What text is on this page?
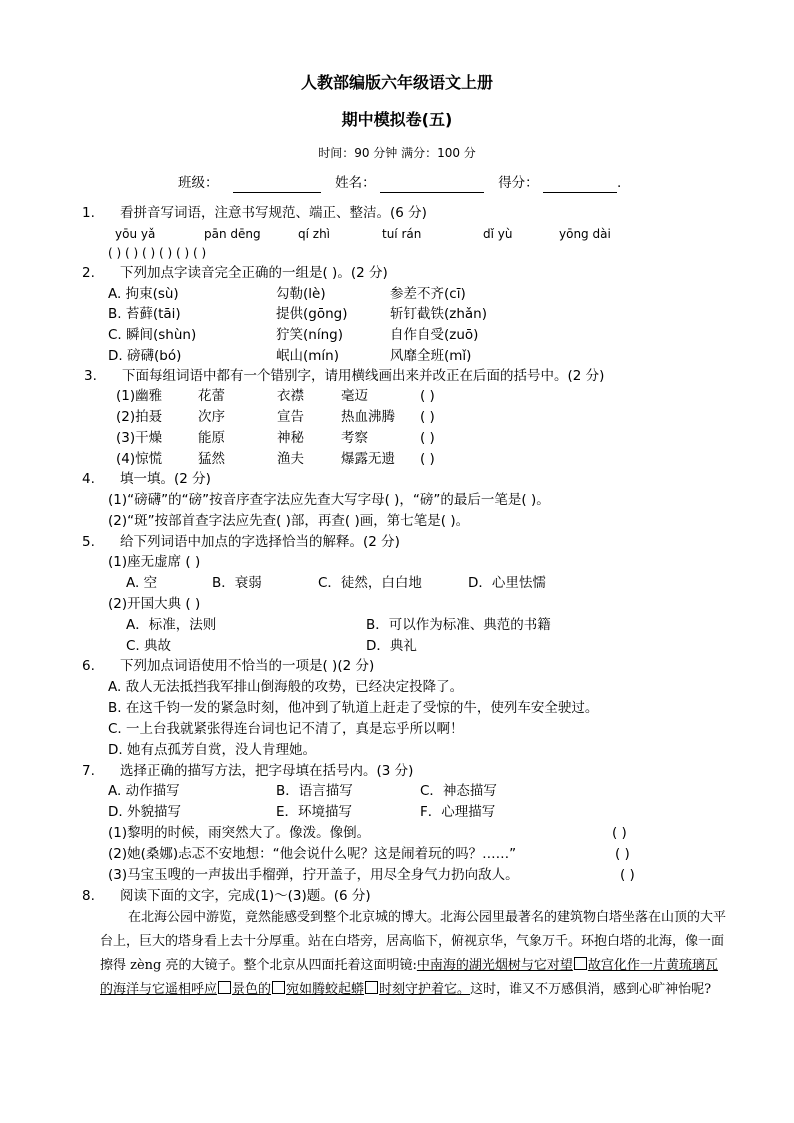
人教部编版六年级语文上册
期中模拟卷(五)
时间：90 分钟 满分：100 分
班级：	姓名：	得分：	.
1. 看拼音写词语，注意书写规范、端正、整洁。(6 分)
yōu yǎ	pān dēng	qí zhì	tuí rán	dǐ yù	yōng dài
( ) ( ) ( ) ( ) ( ) ( )
2. 下列加点字读音完全正确的一组是( )。(2 分)
A. 拘束(sù)	勾勒(lè)	参差不齐(cī)
B. 苔藓(tāi)	提供(gōng)	斩钉截铁(zhǎn)
C. 瞬间(shùn)	狞笑(níng)	自作自受(zuō)
D. 磅礴(bó)	岷山(mín)	风靡全班(mǐ)
3. 下面每组词语中都有一个错别字，请用横线画出来并改正在后面的括号中。(2 分)
(1)幽雅	花蕾	衣襟	毫迈	( )
(2)拍聂	次序	宣告	热血沸腾 ( )
(3)干燥	能原	神秘	考察	( )
(4)惊慌	猛然	渔夫	爆露无遗 ( )
4. 填一填。(2 分)
(1)“磅礴”的“磅”按音序查字法应先查大写字母( )，“磅”的最后一笔是( )。
(2)“斑”按部首查字法应先查( )部，再查( )画，第七笔是( )。
5. 给下列词语中加点的字选择恰当的解释。(2 分)
(1)座无虚席 ( )
A. 空	B．衰弱	C．徒然，白白地	D．心里怯懦
(2)开国大典 ( )
A．标准，法则	B．可以作为标准、典范的书籍
C. 典故	D．典礼
6. 下列加点词语使用不恰当的一项是( )(2 分)
A. 敌人无法抵挡我军排山倒海般的攻势，已经决定投降了。
B. 在这千钧一发的紧急时刻，他冲到了轨道上赶走了受惊的牛，使列车安全驶过。
C. 一上台我就紧张得连台词也记不清了，真是忘乎所以啊！
D. 她有点孤芳自赏，没人肯理她。
7. 选择正确的描写方法，把字母填在括号内。(3 分)
A. 动作描写	B．语言描写	C．神态描写
D. 外貌描写	E．环境描写	F．心理描写
(1)黎明的时候，雨突然大了。像泼。像倒。	( )
(2)她(桑娜)忐忑不安地想：“他会说什么呢？这是闹着玩的吗？……”	( )
(3)马宝玉嗖的一声拔出手榴弹，拧开盖子，用尽全身气力扔向敌人。	( )
8. 阅读下面的文字，完成(1)～(3)题。(6 分)
在北海公园中游览，竟然能感受到整个北京城的博大。北海公园里最著名的建筑物白塔坐落在山顶的大平台上，巨大的塔身看上去十分厚重。站在白塔旁，居高临下，俯视京华，气象万千。环抱白塔的北海，像一面擦得 zèng 亮的大镜子。整个北京从四面托着这面明镜:中南海的湖光烟树与它对望 故宫化作一片黄琉璃瓦的海洋与它遥相呼应 景色的 宛如腾蛟起蟒 时刻守护着它。这时，谁又不万感俱消，感到心旷神怡呢?
